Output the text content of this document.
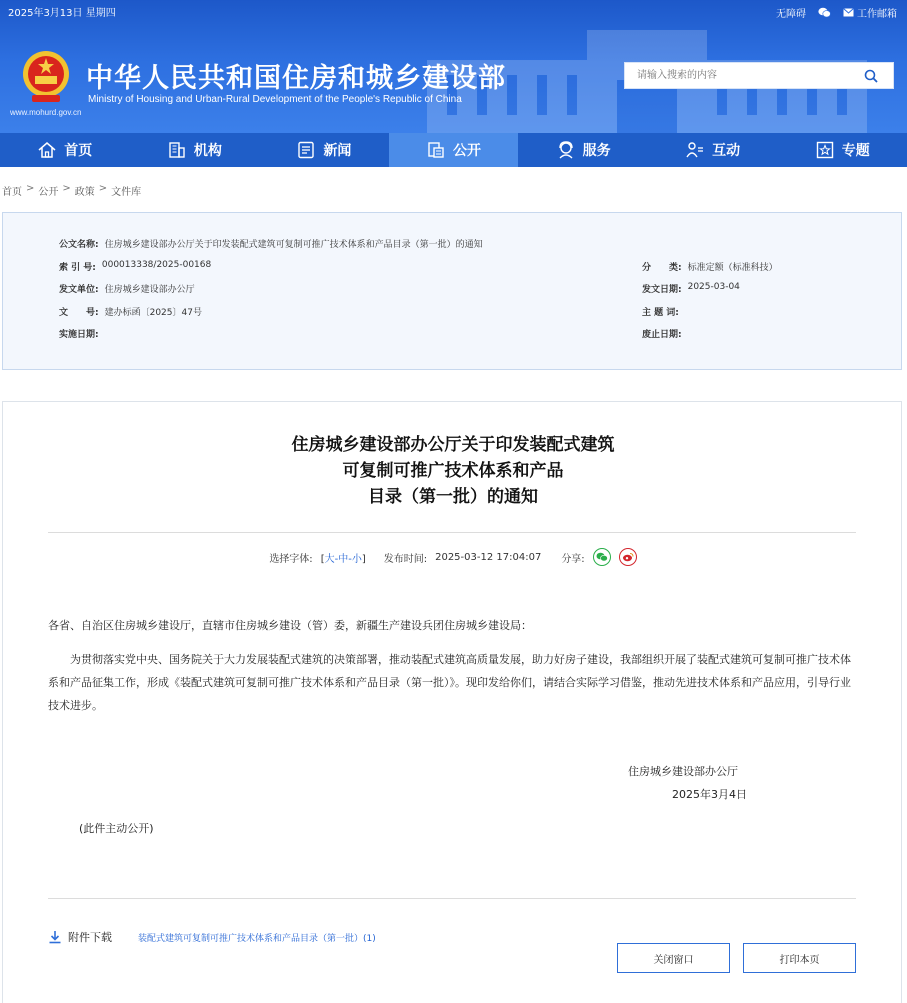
2025年3月13日 星期四	无障碍	工作邮箱
www.mohurd.gov.cn
中华人民共和国住房和城乡建设部
Ministry of Housing and Urban-Rural Development of the People's Republic of China
请输入搜索的内容
首页	机构	新闻	公开	服务	互动	专题
首页 > 公开 > 政策 > 文件库
公文名称: 住房城乡建设部办公厅关于印发装配式建筑可复制可推广技术体系和产品目录（第一批）的通知
索 引 号: 000013338/2025-00168	分　　类: 标准定额（标准科技）
发文单位: 住房城乡建设部办公厅	发文日期: 2025-03-04
文　　号: 建办标函〔2025〕47号	主 题 词:
实施日期:	废止日期:
住房城乡建设部办公厅关于印发装配式建筑
可复制可推广技术体系和产品
目录（第一批）的通知
选择字体: [大-中-小] 发布时间: 2025-03-12 17:04:07 分享:
各省、自治区住房城乡建设厅，直辖市住房城乡建设（管）委，新疆生产建设兵团住房城乡建设局：
为贯彻落实党中央、国务院关于大力发展装配式建筑的决策部署，推动装配式建筑高质量发展，助力好房子建设，我部组织开展了装配式建筑可复制可推广技术体系和产品征集工作，形成《装配式建筑可复制可推广技术体系和产品目录（第一批）》。现印发给你们，请结合实际学习借鉴，推动先进技术体系和产品应用，引导行业技术进步。
住房城乡建设部办公厅
2025年3月4日
(此件主动公开)
附件下载	装配式建筑可复制可推广技术体系和产品目录（第一批）(1)
关闭窗口	打印本页
